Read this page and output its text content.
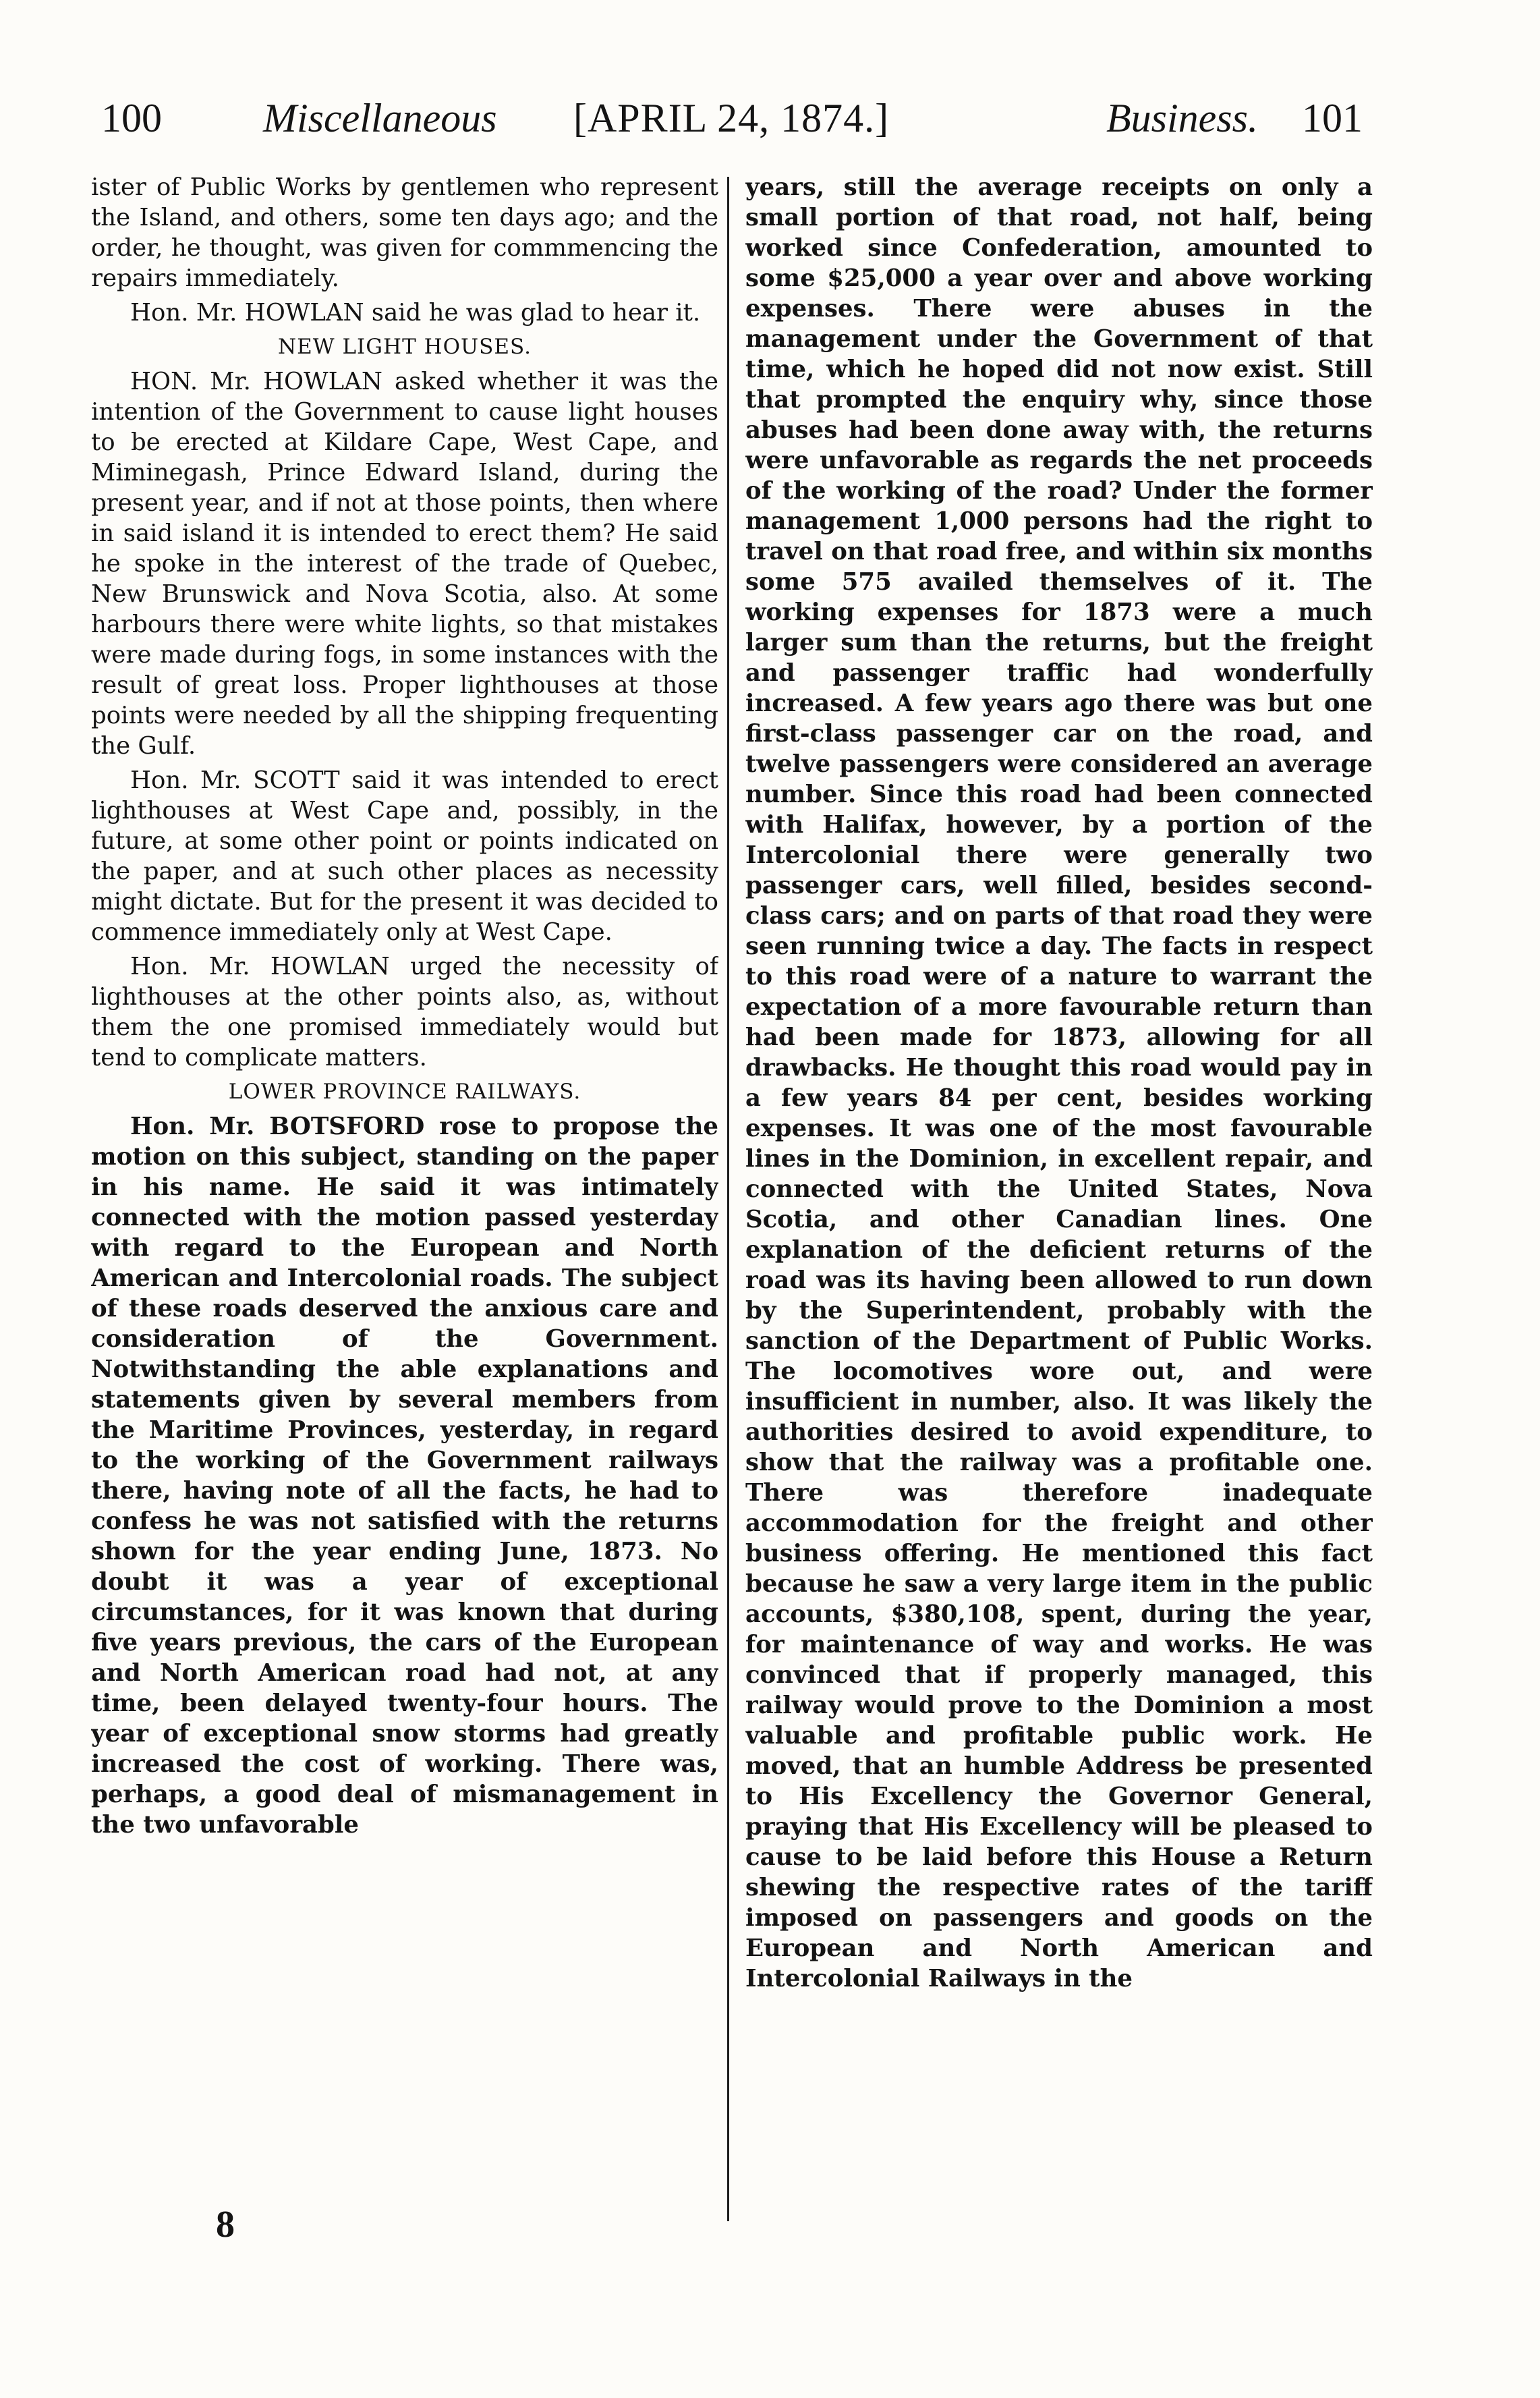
100	Miscellaneous [APRIL 24, 1874.]	Business. 101

ister of Public Works by gentlemen who represent the Island, and others, some ten days ago; and the order, he thought, was given for commmencing the repairs immediately.

Hon. Mr. HOWLAN said he was glad to hear it.

NEW LIGHT HOUSES.

HON. Mr. HOWLAN asked whether it was the intention of the Government to cause light houses to be erected at Kildare Cape, West Cape, and Miminegash, Prince Edward Island, during the present year, and if not at those points, then where in said island it is intended to erect them? He said he spoke in the interest of the trade of Quebec, New Brunswick and Nova Scotia, also. At some harbours there were white lights, so that mistakes were made during fogs, in some instances with the result of great loss. Proper lighthouses at those points were needed by all the shipping frequenting the Gulf.

Hon. Mr. SCOTT said it was intended to erect lighthouses at West Cape and, possibly, in the future, at some other point or points indicated on the paper, and at such other places as necessity might dictate. But for the present it was decided to commence immediately only at West Cape.

Hon. Mr. HOWLAN urged the necessity of lighthouses at the other points also, as, without them the one promised immediately would but tend to complicate matters.

LOWER PROVINCE RAILWAYS.

Hon. Mr. BOTSFORD rose to propose the motion on this subject, standing on the paper in his name. He said it was intimately connected with the motion passed yesterday with regard to the European and North American and Intercolonial roads. The subject of these roads deserved the anxious care and consideration of the Government. Notwithstanding the able explanations and statements given by several members from the Maritime Provinces, yesterday, in regard to the working of the Government railways there, having note of all the facts, he had to confess he was not satisfied with the returns shown for the year ending June, 1873. No doubt it was a year of exceptional circumstances, for it was known that during five years previous, the cars of the European and North American road had not, at any time, been delayed twenty-four hours. The year of exceptional snow storms had greatly increased the cost of working. There was, perhaps, a good deal of mismanagement in the two unfavorable

years, still the average receipts on only a small portion of that road, not half, being worked since Confederation, amounted to some $25,000 a year over and above working expenses. There were abuses in the management under the Government of that time, which he hoped did not now exist. Still that prompted the enquiry why, since those abuses had been done away with, the returns were unfavorable as regards the net proceeds of the working of the road? Under the former management 1,000 persons had the right to travel on that road free, and within six months some 575 availed themselves of it. The working expenses for 1873 were a much larger sum than the returns, but the freight and passenger traffic had wonderfully increased. A few years ago there was but one first-class passenger car on the road, and twelve passengers were considered an average number. Since this road had been connected with Halifax, however, by a portion of the Intercolonial there were generally two passenger cars, well filled, besides second-class cars; and on parts of that road they were seen running twice a day. The facts in respect to this road were of a nature to warrant the expectation of a more favourable return than had been made for 1873, allowing for all drawbacks. He thought this road would pay in a few years 84 per cent, besides working expenses. It was one of the most favourable lines in the Dominion, in excellent repair, and connected with the United States, Nova Scotia, and other Canadian lines. One explanation of the deficient returns of the road was its having been allowed to run down by the Superintendent, probably with the sanction of the Department of Public Works. The locomotives wore out, and were insufficient in number, also. It was likely the authorities desired to avoid expenditure, to show that the railway was a profitable one. There was therefore inadequate accommodation for the freight and other business offering. He mentioned this fact because he saw a very large item in the public accounts, $380,108, spent, during the year, for maintenance of way and works. He was convinced that if properly managed, this railway would prove to the Dominion a most valuable and profitable public work. He moved, that an humble Address be presented to His Excellency the Governor General, praying that His Excellency will be pleased to cause to be laid before this House a Return shewing the respective rates of the tariff imposed on passengers and goods on the European and North American and Intercolonial Railways in the

8
